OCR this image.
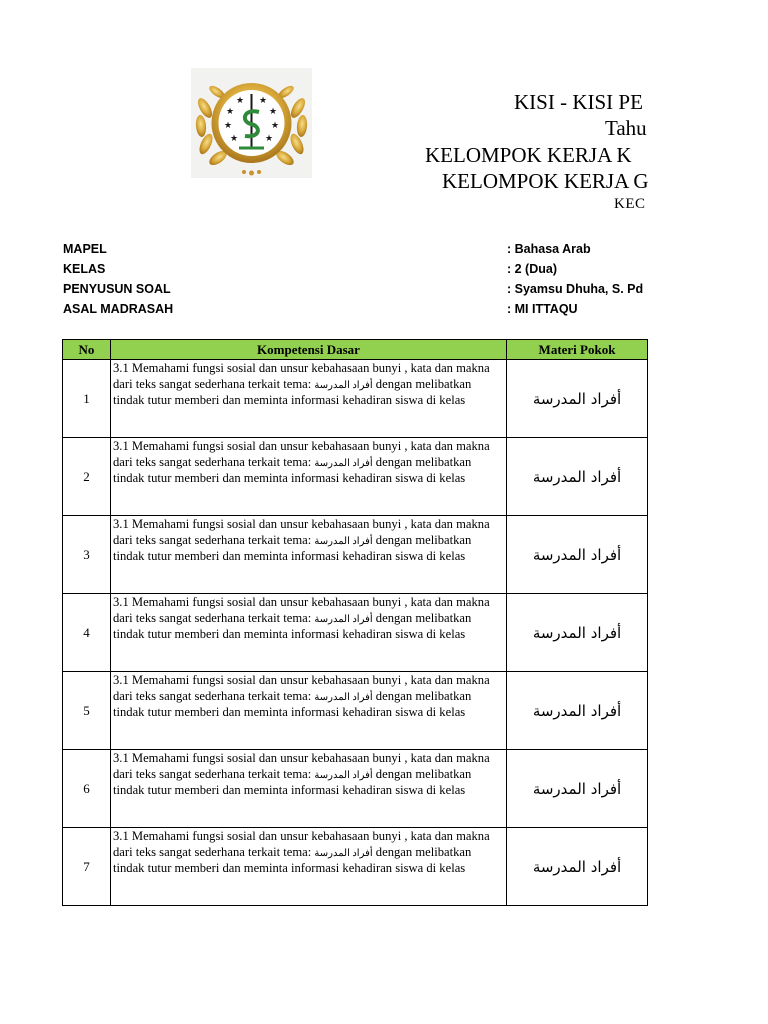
★ ★
★	★
★	★
★	★
KISI - KISI PE
Tahu
KELOMPOK KERJA K
KELOMPOK KERJA G
KEC
MAPEL	: Bahasa Arab
KELAS	: 2 (Dua)
PENYUSUN SOAL	: Syamsu Dhuha, S. Pd
ASAL MADRASAH	: MI ITTAQU
No	Kompetensi Dasar	Materi Pokok
1	3.1 Memahami fungsi sosial dan unsur kebahasaan bunyi , kata dan makna dari teks sangat sederhana terkait tema: أفراد المدرسة dengan melibatkan tindak tutur memberi dan meminta informasi kehadiran siswa di kelas	أفراد المدرسة
2	3.1 Memahami fungsi sosial dan unsur kebahasaan bunyi , kata dan makna dari teks sangat sederhana terkait tema: أفراد المدرسة dengan melibatkan tindak tutur memberi dan meminta informasi kehadiran siswa di kelas	أفراد المدرسة
3	3.1 Memahami fungsi sosial dan unsur kebahasaan bunyi , kata dan makna dari teks sangat sederhana terkait tema: أفراد المدرسة dengan melibatkan tindak tutur memberi dan meminta informasi kehadiran siswa di kelas	أفراد المدرسة
4	3.1 Memahami fungsi sosial dan unsur kebahasaan bunyi , kata dan makna dari teks sangat sederhana terkait tema: أفراد المدرسة dengan melibatkan tindak tutur memberi dan meminta informasi kehadiran siswa di kelas	أفراد المدرسة
5	3.1 Memahami fungsi sosial dan unsur kebahasaan bunyi , kata dan makna dari teks sangat sederhana terkait tema: أفراد المدرسة dengan melibatkan tindak tutur memberi dan meminta informasi kehadiran siswa di kelas	أفراد المدرسة
6	3.1 Memahami fungsi sosial dan unsur kebahasaan bunyi , kata dan makna dari teks sangat sederhana terkait tema: أفراد المدرسة dengan melibatkan tindak tutur memberi dan meminta informasi kehadiran siswa di kelas	أفراد المدرسة
7	3.1 Memahami fungsi sosial dan unsur kebahasaan bunyi , kata dan makna dari teks sangat sederhana terkait tema: أفراد المدرسة dengan melibatkan tindak tutur memberi dan meminta informasi kehadiran siswa di kelas	أفراد المدرسة
